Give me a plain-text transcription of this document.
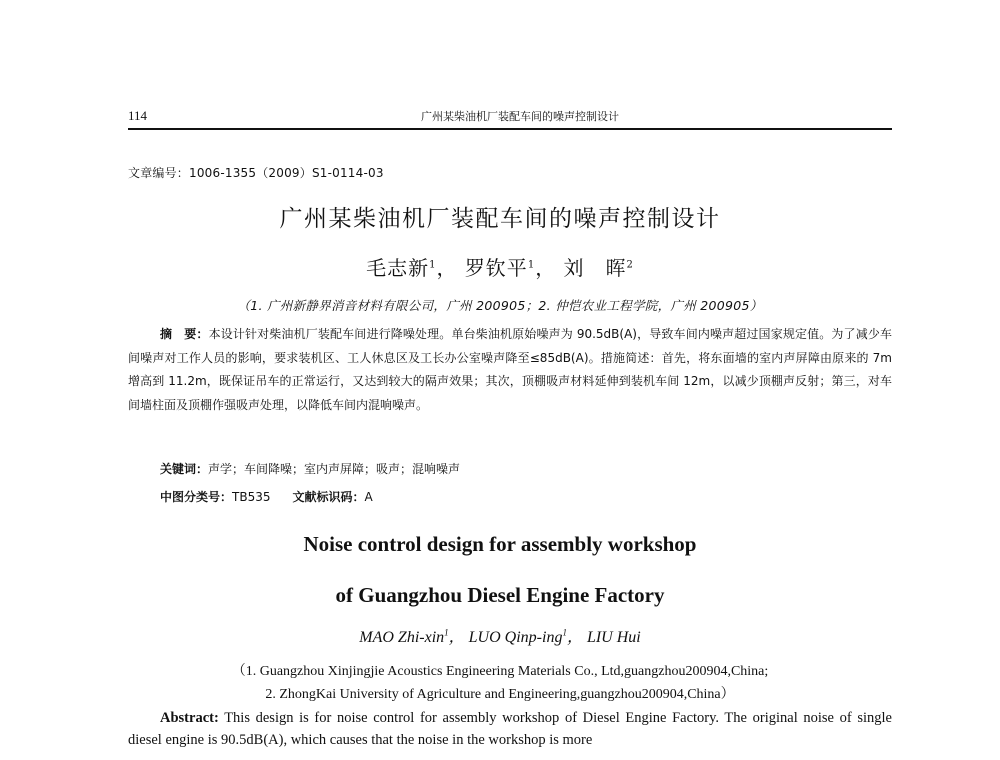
114	广州某柴油机厂装配车间的噪声控制设计
文章编号：1006-1355（2009）S1-0114-03
广州某柴油机厂装配车间的噪声控制设计
毛志新$^1$， 罗钦平$^1$， 刘　晖$^2$
（1. 广州新静界消音材料有限公司，广州 200905；2. 仲恺农业工程学院，广州 200905）
摘　要：本设计针对柴油机厂装配车间进行降噪处理。单台柴油机原始噪声为 90.5dB(A)，导致车间内噪声超过国家规定值。为了减少车间噪声对工作人员的影响，要求装机区、工人休息区及工长办公室噪声降至≤85dB(A)。措施简述：首先，将东面墙的室内声屏障由原来的 7m 增高到 11.2m，既保证吊车的正常运行，又达到较大的隔声效果；其次，顶棚吸声材料延伸到装机车间 12m，以减少顶棚声反射；第三，对车间墙柱面及顶棚作强吸声处理，以降低车间内混响噪声。
关键词：声学；车间降噪；室内声屏障；吸声；混响噪声
中图分类号：TB535 文献标识码：A
Noise control design for assembly workshop
of Guangzhou Diesel Engine Factory
MAO Zhi-xin$^1$， LUO Qinp-ing$^1$， LIU Hui
（1. Guangzhou Xinjingjie Acoustics Engineering Materials Co., Ltd,guangzhou200904,China;
2. ZhongKai University of Agriculture and Engineering,guangzhou200904,China）
Abstract: This design is for noise control for assembly workshop of Diesel Engine Factory. The original noise of single diesel engine is 90.5dB(A), which causes that the noise in the workshop is more
